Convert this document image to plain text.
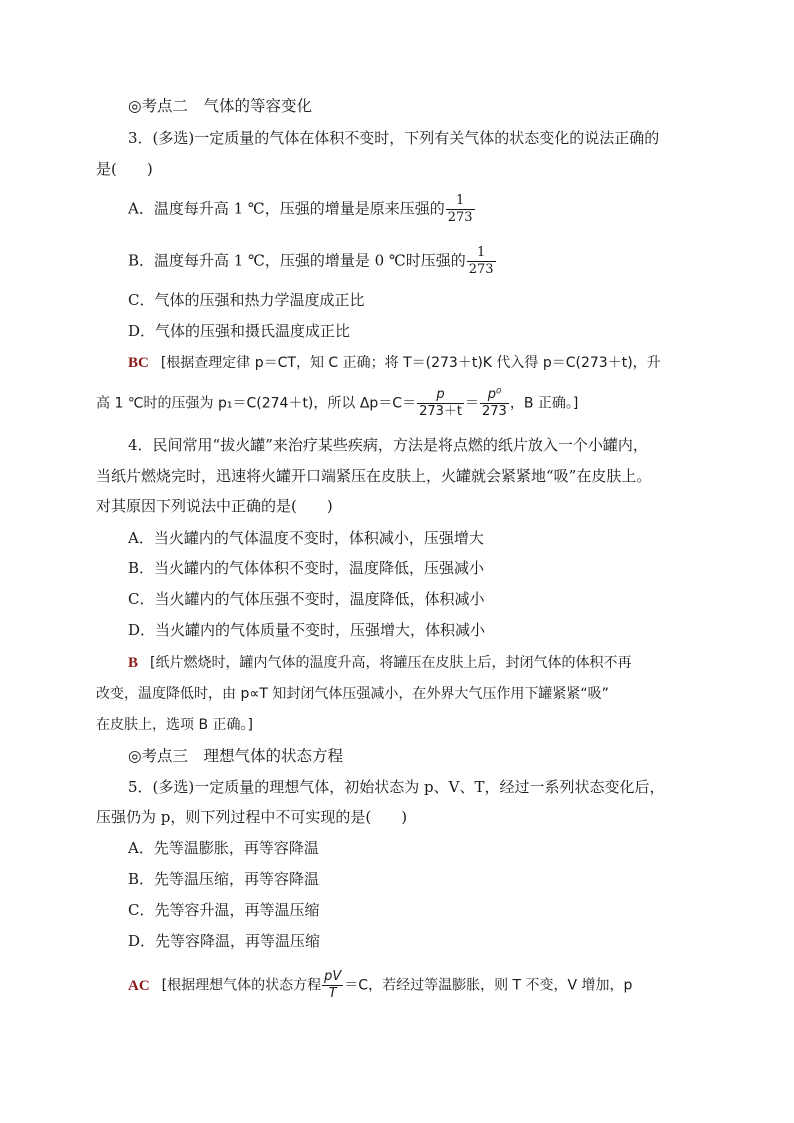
◎考点二　气体的等容变化
3．(多选)一定质量的气体在体积不变时，下列有关气体的状态变化的说法正确的
是(　　)
A．温度每升高 1 ℃，压强的增量是原来压强的 $\frac{1}{273}$
B．温度每升高 1 ℃，压强的增量是 0 ℃时压强的 $\frac{1}{273}$
C．气体的压强和热力学温度成正比
D．气体的压强和摄氏温度成正比
BC [根据查理定律 p＝CT，知 C 正确；将 T＝(273＋t)K 代入得 p＝C(273＋t)，升
高 1 ℃时的压强为 p₁＝C(274＋t)，所以 $\Delta p=C= \frac{p}{273+t} = \frac{\text{p⁰}}{273}$ ，B 正确。]
4．民间常用“拔火罐”来治疗某些疾病，方法是将点燃的纸片放入一个小罐内，
当纸片燃烧完时，迅速将火罐开口端紧压在皮肤上，火罐就会紧紧地“吸”在皮肤上。
对其原因下列说法中正确的是(　　)
A．当火罐内的气体温度不变时，体积减小，压强增大
B．当火罐内的气体体积不变时，温度降低，压强减小
C．当火罐内的气体压强不变时，温度降低，体积减小
D．当火罐内的气体质量不变时，压强增大，体积减小
B [纸片燃烧时，罐内气体的温度升高，将罐压在皮肤上后，封闭气体的体积不再
改变，温度降低时，由 p∝T 知封闭气体压强减小，在外界大气压作用下罐紧紧“吸”
在皮肤上，选项 B 正确。]
◎考点三　理想气体的状态方程
5．(多选)一定质量的理想气体，初始状态为 p、V、T，经过一系列状态变化后，
压强仍为 p，则下列过程中不可实现的是(　　)
A．先等温膨胀，再等容降温
B．先等温压缩，再等容降温
C．先等容升温，再等温压缩
D．先等容降温，再等温压缩
AC [根据理想气体的状态方程 $\frac{pV}{T} =C$，若经过等温膨胀，则 T 不变，V 增加，p
